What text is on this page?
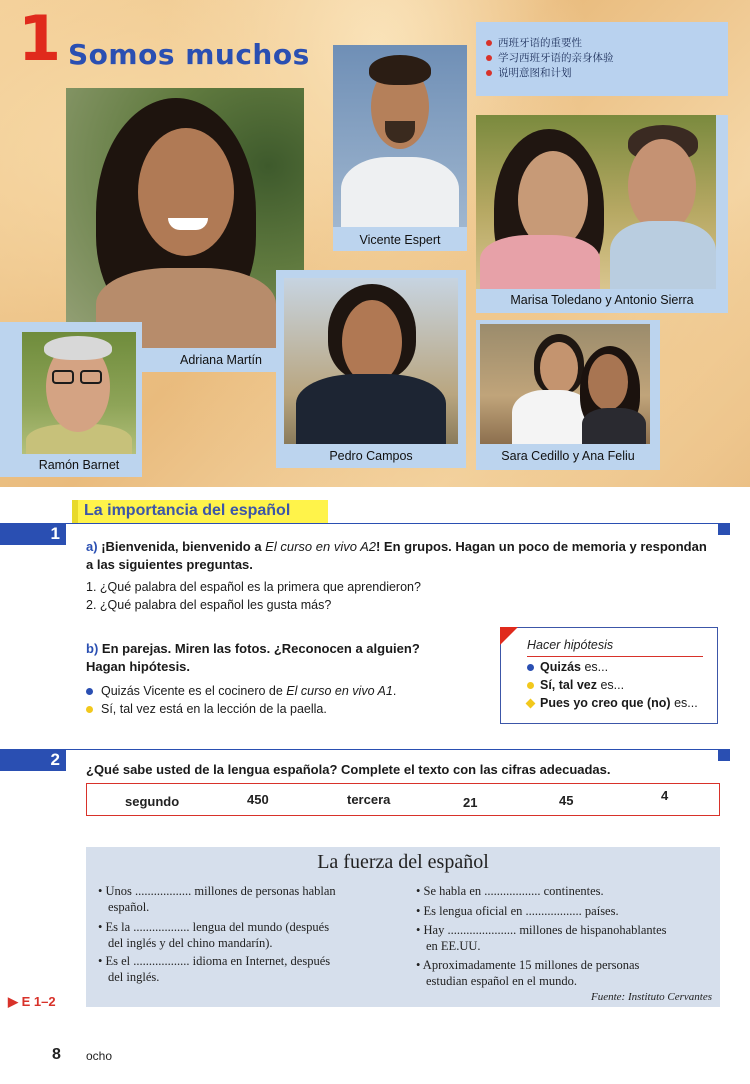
1 Somos muchos	西班牙语的重要性
学习西班牙语的亲身体验
说明意图和计划
Adriana Martín
Vicente Espert
Marisa Toledano y Antonio Sierra
Ramón Barnet
Pedro Campos	Sara Cedillo y Ana Feliu
La importancia del español
1
a) ¡Bienvenida, bienvenido a El curso en vivo A2! En grupos. Hagan un poco de memoria y respondan
a las siguientes preguntas.
1. ¿Qué palabra del español es la primera que aprendieron?
2. ¿Qué palabra del español les gusta más?
b) En parejas. Miren las fotos. ¿Reconocen a alguien?
Hagan hipótesis.
Quizás Vicente es el cocinero de El curso en vivo A1.
Sí, tal vez está en la lección de la paella.
Hacer hipótesis
Quizás es...
Sí, tal vez es...
Pues yo creo que (no) es...
2
¿Qué sabe usted de la lengua española? Complete el texto con las cifras adecuadas.
segundo	450	tercera	21	45	4
La fuerza del español
• Unos .................. millones de personas hablan
español.
• Es la .................. lengua del mundo (después
del inglés y del chino mandarín).
• Es el .................. idioma en Internet, después
del inglés.
• Se habla en .................. continentes.
• Es lengua oficial en .................. países.
• Hay ...................... millones de hispanohablantes
en EE.UU.
• Aproximadamente 15 millones de personas
estudian español en el mundo.
Fuente: Instituto Cervantes
▶ E 1–2
8 ocho
